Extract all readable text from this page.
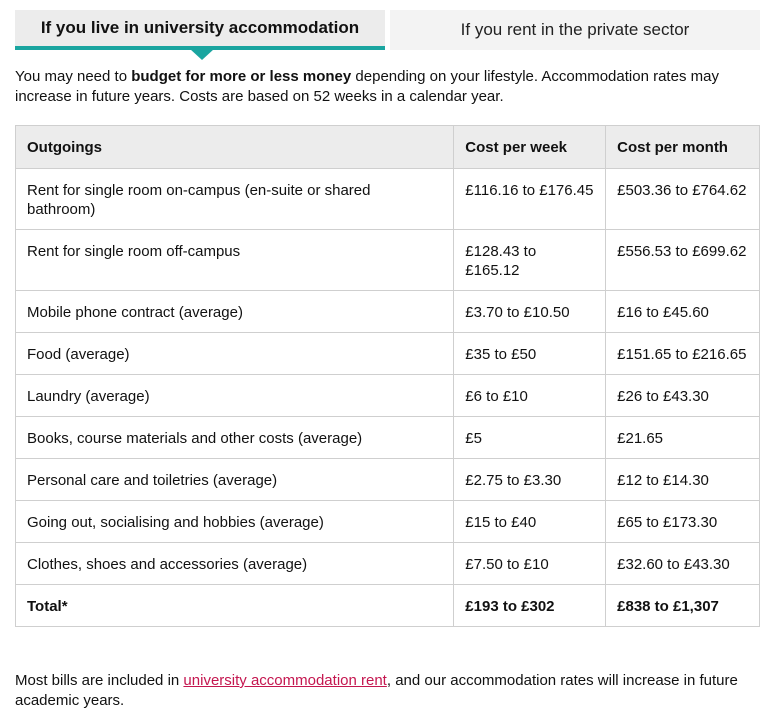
If you live in university accommodation	If you rent in the private sector

You may need to budget for more or less money depending on your lifestyle. Accommodation rates may increase in future years. Costs are based on 52 weeks in a calendar year.

Outgoings	Cost per week	Cost per month
Rent for single room on-campus (en-suite or shared bathroom)	£116.16 to £176.45	£503.36 to £764.62
Rent for single room off-campus	£128.43 to £165.12	£556.53 to £699.62
Mobile phone contract (average)	£3.70 to £10.50	£16 to £45.60
Food (average)	£35 to £50	£151.65 to £216.65
Laundry (average)	£6 to £10	£26 to £43.30
Books, course materials and other costs (average)	£5	£21.65
Personal care and toiletries (average)	£2.75 to £3.30	£12 to £14.30
Going out, socialising and hobbies (average)	£15 to £40	£65 to £173.30
Clothes, shoes and accessories (average)	£7.50 to £10	£32.60 to £43.30
Total*	£193 to £302	£838 to £1,307

Most bills are included in university accommodation rent, and our accommodation rates will increase in future academic years.
